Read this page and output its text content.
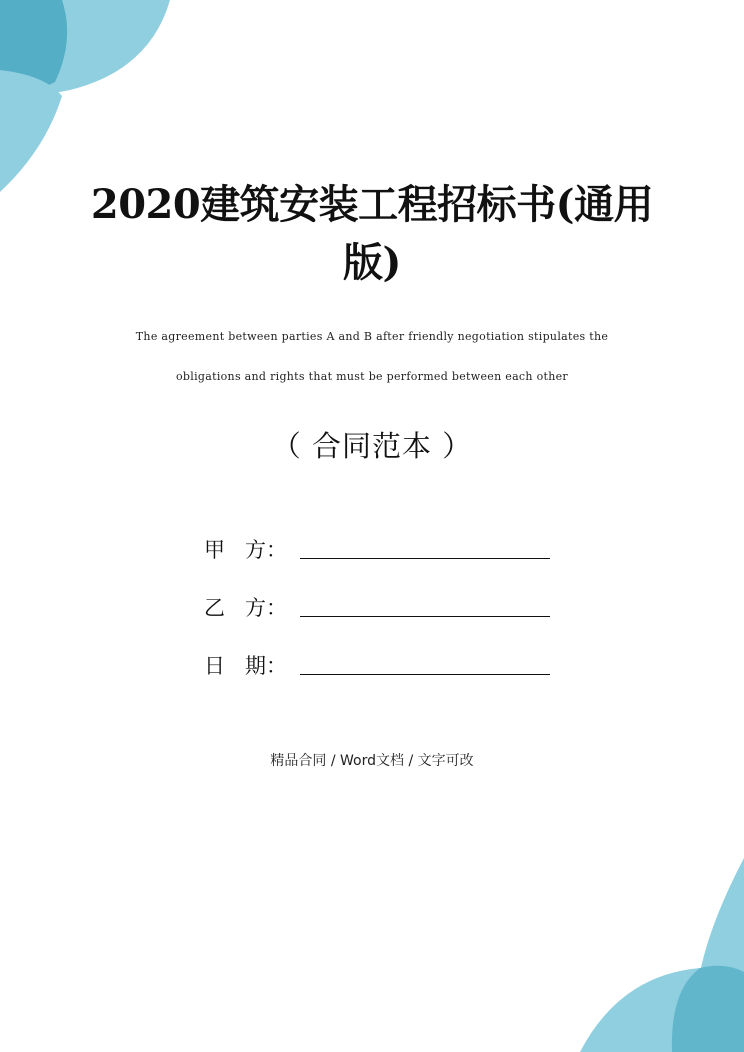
2020建筑安装工程招标书(通用
版)
The agreement between parties A and B after friendly negotiation stipulates the
obligations and rights that must be performed between each other
（ 合同范本 ）
甲   方：
乙   方：
日   期：
精品合同 / Word文档 / 文字可改
